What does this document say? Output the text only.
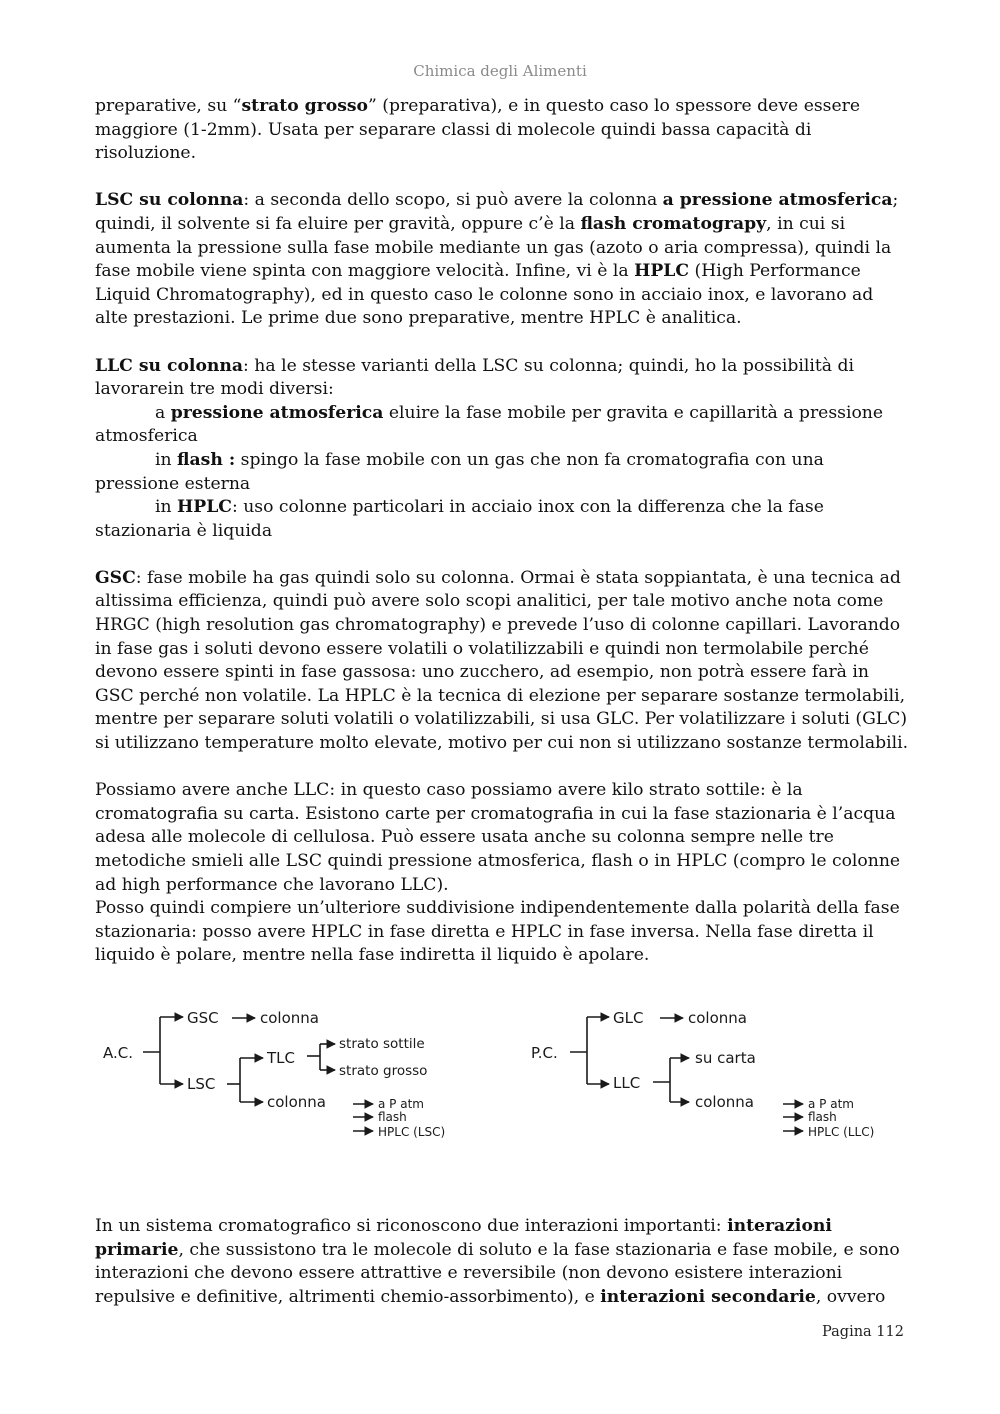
Chimica degli Alimenti

preparative, su “strato grosso” (preparativa), e in questo caso lo spessore deve essere maggiore (1-2mm). Usata per separare classi di molecole quindi bassa capacità di risoluzione.

LSC su colonna: a seconda dello scopo, si può avere la colonna a pressione atmosferica; quindi, il solvente si fa eluire per gravità, oppure c’è la flash cromatograpy, in cui si aumenta la pressione sulla fase mobile mediante un gas (azoto o aria compressa), quindi la fase mobile viene spinta con maggiore velocità. Infine, vi è la HPLC (High Performance Liquid Chromatography), ed in questo caso le colonne sono in acciaio inox, e lavorano ad alte prestazioni. Le prime due sono preparative, mentre HPLC è analitica.

LLC su colonna: ha le stesse varianti della LSC su colonna; quindi, ho la possibilità di lavorarein tre modi diversi:

a pressione atmosferica eluire la fase mobile per gravita e capillarità a pressione atmosferica

in flash : spingo la fase mobile con un gas che non fa cromatografia con una pressione esterna

in HPLC: uso colonne particolari in acciaio inox con la differenza che la fase stazionaria è liquida

GSC: fase mobile ha gas quindi solo su colonna. Ormai è stata soppiantata, è una tecnica ad altissima efficienza, quindi può avere solo scopi analitici, per tale motivo anche nota come HRGC (high resolution gas chromatography) e prevede l’uso di colonne capillari. Lavorando in fase gas i soluti devono essere volatili o volatilizzabili e quindi non termolabile perché devono essere spinti in fase gassosa: uno zucchero, ad esempio, non potrà essere farà in GSC perché non volatile. La HPLC è la tecnica di elezione per separare sostanze termolabili, mentre per separare soluti volatili o volatilizzabili, si usa GLC. Per volatilizzare i soluti (GLC) si utilizzano temperature molto elevate, motivo per cui non si utilizzano sostanze termolabili.

Possiamo avere anche LLC: in questo caso possiamo avere kilo strato sottile: è la cromatografia su carta. Esistono carte per cromatografia in cui la fase stazionaria è l’acqua adesa alle molecole di cellulosa. Può essere usata anche su colonna sempre nelle tre metodiche smieli alle LSC quindi pressione atmosferica, flash o in HPLC (compro le colonne ad high performance che lavorano LLC).

Posso quindi compiere un’ulteriore suddivisione indipendentemente dalla polarità della fase stazionaria: posso avere HPLC in fase diretta e HPLC in fase inversa. Nella fase diretta il liquido è polare, mentre nella fase indiretta il liquido è apolare.

A.C.
GSC	colonna
LSC
TLC
strato sottile
strato grosso
colonna	a P atm
flash
HPLC (LSC)
P.C.
GLC	colonna
LLC
su carta
colonna	a P atm
flash
HPLC (LLC)

In un sistema cromatografico si riconoscono due interazioni importanti: interazioni primarie, che sussistono tra le molecole di soluto e la fase stazionaria e fase mobile, e sono interazioni che devono essere attrattive e reversibile (non devono esistere interazioni repulsive e definitive, altrimenti chemio-assorbimento), e interazioni secondarie, ovvero

Pagina 112
